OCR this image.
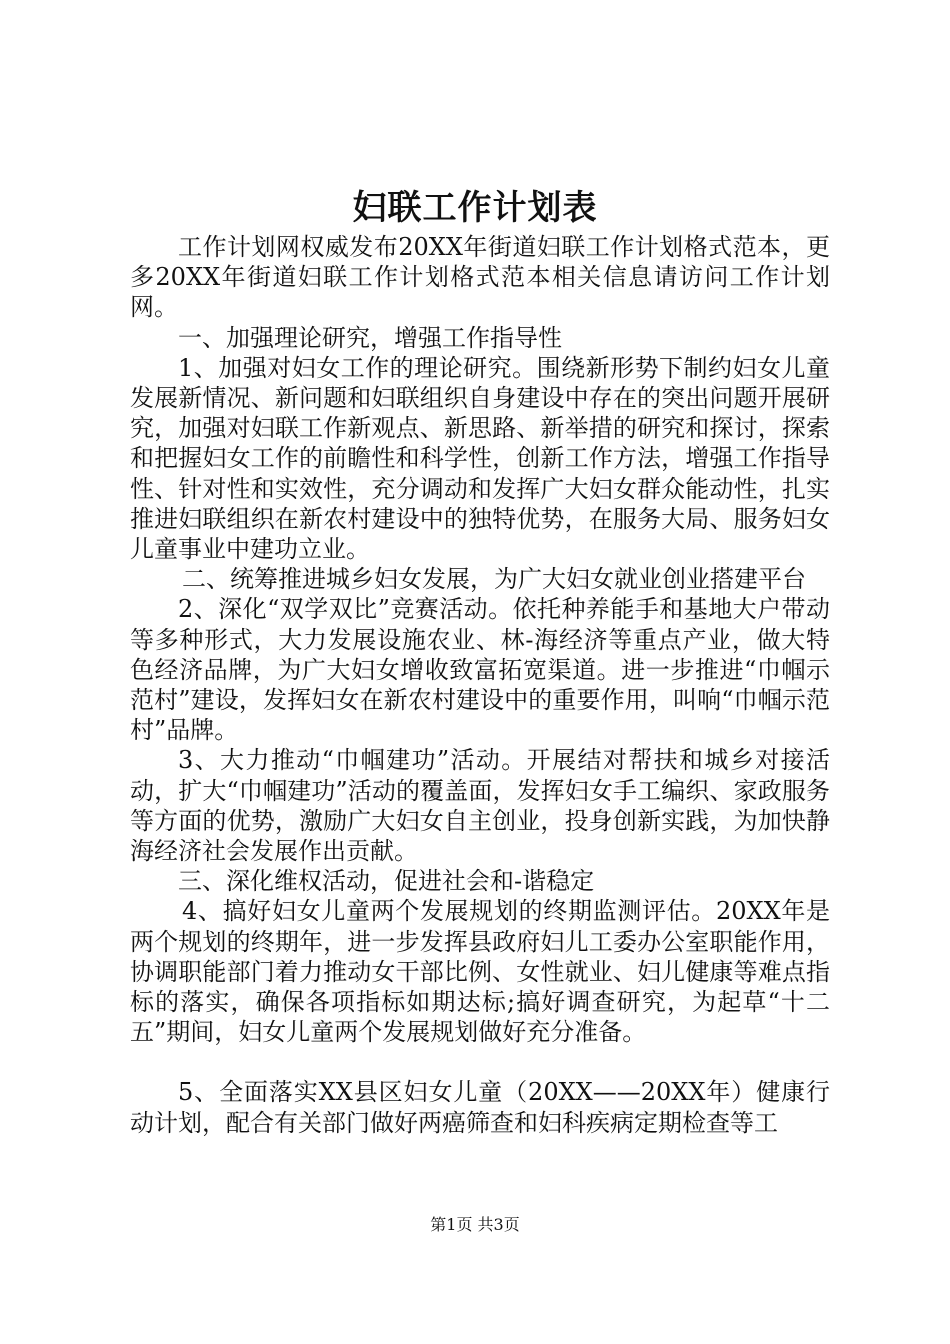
妇联工作计划表

工作计划网权威发布20XX年街道妇联工作计划格式范本，更多20XX年街道妇联工作计划格式范本相关信息请访问工作计划网。

一、加强理论研究，增强工作指导性

1、加强对妇女工作的理论研究。围绕新形势下制约妇女儿童发展新情况、新问题和妇联组织自身建设中存在的突出问题开展研究，加强对妇联工作新观点、新思路、新举措的研究和探讨，探索和把握妇女工作的前瞻性和科学性，创新工作方法，增强工作指导性、针对性和实效性，充分调动和发挥广大妇女群众能动性，扎实推进妇联组织在新农村建设中的独特优势，在服务大局、服务妇女儿童事业中建功立业。

二、统筹推进城乡妇女发展，为广大妇女就业创业搭建平台

2、深化“双学双比”竞赛活动。依托种养能手和基地大户带动等多种形式，大力发展设施农业、林-海经济等重点产业，做大特色经济品牌，为广大妇女增收致富拓宽渠道。进一步推进“巾帼示范村”建设，发挥妇女在新农村建设中的重要作用，叫响“巾帼示范村”品牌。

3、大力推动“巾帼建功”活动。开展结对帮扶和城乡对接活动，扩大“巾帼建功”活动的覆盖面，发挥妇女手工编织、家政服务等方面的优势，激励广大妇女自主创业，投身创新实践，为加快静海经济社会发展作出贡献。

三、深化维权活动，促进社会和-谐稳定

4、搞好妇女儿童两个发展规划的终期监测评估。20XX年是两个规划的终期年，进一步发挥县政府妇儿工委办公室职能作用，协调职能部门着力推动女干部比例、女性就业、妇儿健康等难点指标的落实，确保各项指标如期达标;搞好调查研究，为起草“十二五”期间，妇女儿童两个发展规划做好充分准备。

5、全面落实XX县区妇女儿童（20XX——20XX年）健康行动计划，配合有关部门做好两癌筛查和妇科疾病定期检查等工

第1页 共3页
